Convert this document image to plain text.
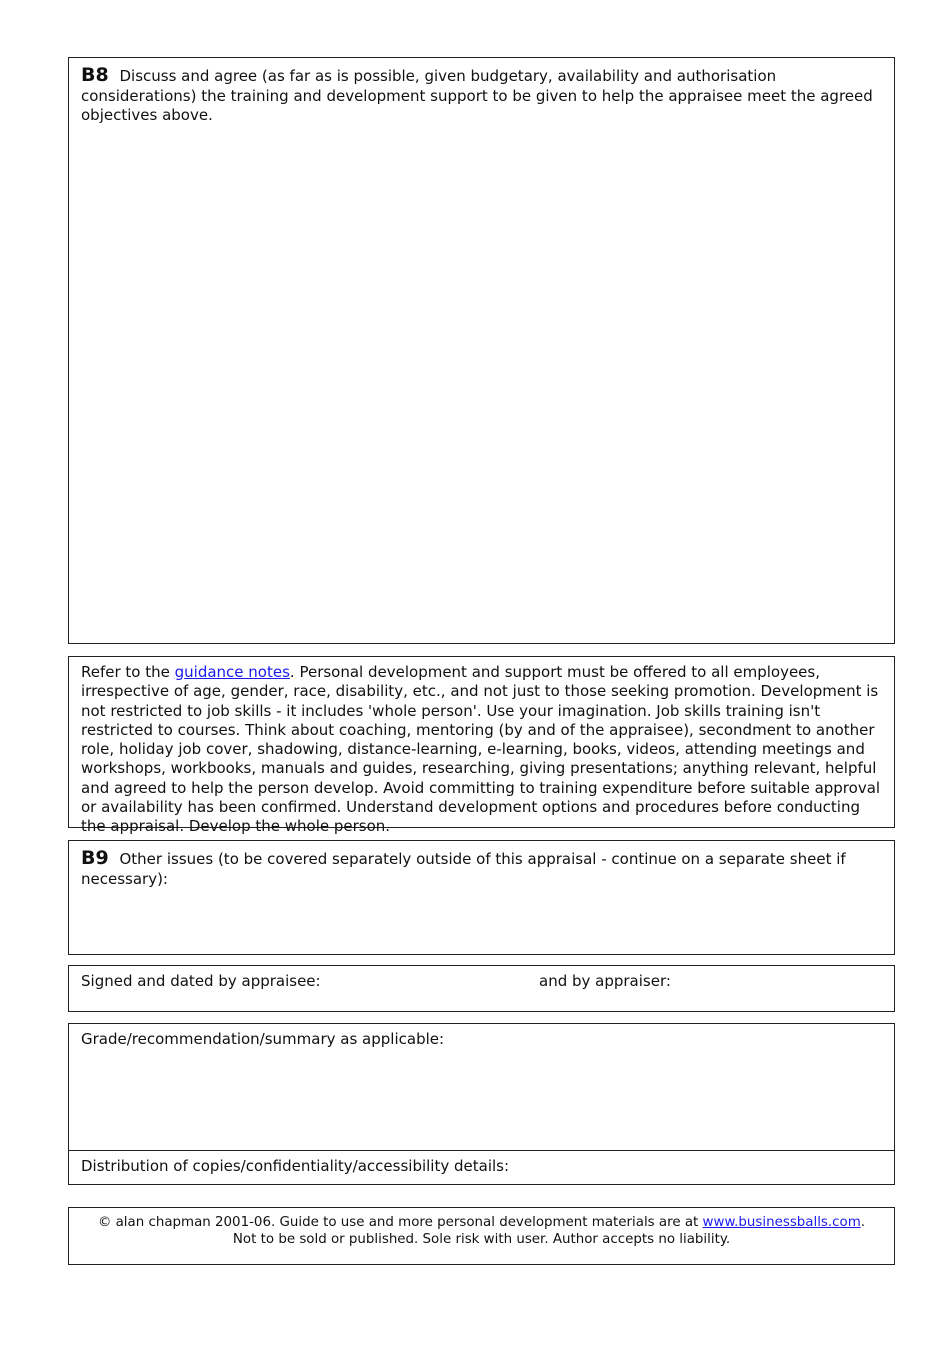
B8 Discuss and agree (as far as is possible, given budgetary, availability and authorisation considerations) the training and development support to be given to help the appraisee meet the agreed objectives above.
Refer to the guidance notes. Personal development and support must be offered to all employees, irrespective of age, gender, race, disability, etc., and not just to those seeking promotion. Development is not restricted to job skills - it includes 'whole person'. Use your imagination. Job skills training isn't restricted to courses. Think about coaching, mentoring (by and of the appraisee), secondment to another role, holiday job cover, shadowing, distance-learning, e-learning, books, videos, attending meetings and workshops, workbooks, manuals and guides, researching, giving presentations; anything relevant, helpful and agreed to help the person develop. Avoid committing to training expenditure before suitable approval or availability has been confirmed. Understand development options and procedures before conducting the appraisal. Develop the whole person.
B9 Other issues (to be covered separately outside of this appraisal - continue on a separate sheet if necessary):
Signed and dated by appraisee:	and by appraiser:
Grade/recommendation/summary as applicable:
Distribution of copies/confidentiality/accessibility details:
© alan chapman 2001-06. Guide to use and more personal development materials are at www.businessballs.com.
Not to be sold or published. Sole risk with user. Author accepts no liability.
